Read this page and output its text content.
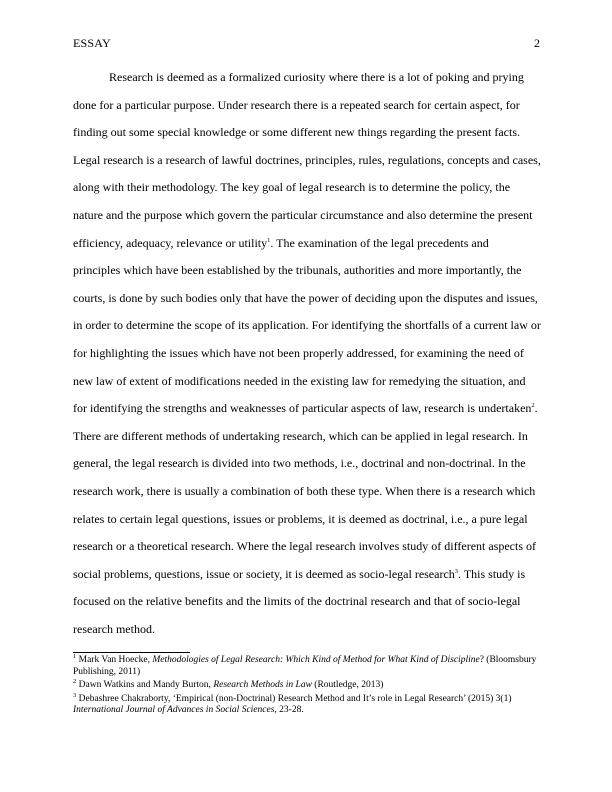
ESSAY	2
Research is deemed as a formalized curiosity where there is a lot of poking and prying
done for a particular purpose. Under research there is a repeated search for certain aspect, for
finding out some special knowledge or some different new things regarding the present facts.
Legal research is a research of lawful doctrines, principles, rules, regulations, concepts and cases,
along with their methodology. The key goal of legal research is to determine the policy, the
nature and the purpose which govern the particular circumstance and also determine the present
efficiency, adequacy, relevance or utility$^1$. The examination of the legal precedents and
principles which have been established by the tribunals, authorities and more importantly, the
courts, is done by such bodies only that have the power of deciding upon the disputes and issues,
in order to determine the scope of its application. For identifying the shortfalls of a current law or
for highlighting the issues which have not been properly addressed, for examining the need of
new law of extent of modifications needed in the existing law for remedying the situation, and
for identifying the strengths and weaknesses of particular aspects of law, research is undertaken$^2$.
There are different methods of undertaking research, which can be applied in legal research. In
general, the legal research is divided into two methods, i.e., doctrinal and non-doctrinal. In the
research work, there is usually a combination of both these type. When there is a research which
relates to certain legal questions, issues or problems, it is deemed as doctrinal, i.e., a pure legal
research or a theoretical research. Where the legal research involves study of different aspects of
social problems, questions, issue or society, it is deemed as socio-legal research$^3$. This study is
focused on the relative benefits and the limits of the doctrinal research and that of socio-legal
research method.

$^1$ Mark Van Hoecke, Methodologies of Legal Research: Which Kind of Method for What Kind of Discipline? (Bloomsbury Publishing, 2011)

$^2$ Dawn Watkins and Mandy Burton, Research Methods in Law (Routledge, 2013)

$^3$ Debashree Chakraborty, ‘Empirical (non-Doctrinal) Research Method and It’s role in Legal Research’ (2015) 3(1) International Journal of Advances in Social Sciences, 23-28.
